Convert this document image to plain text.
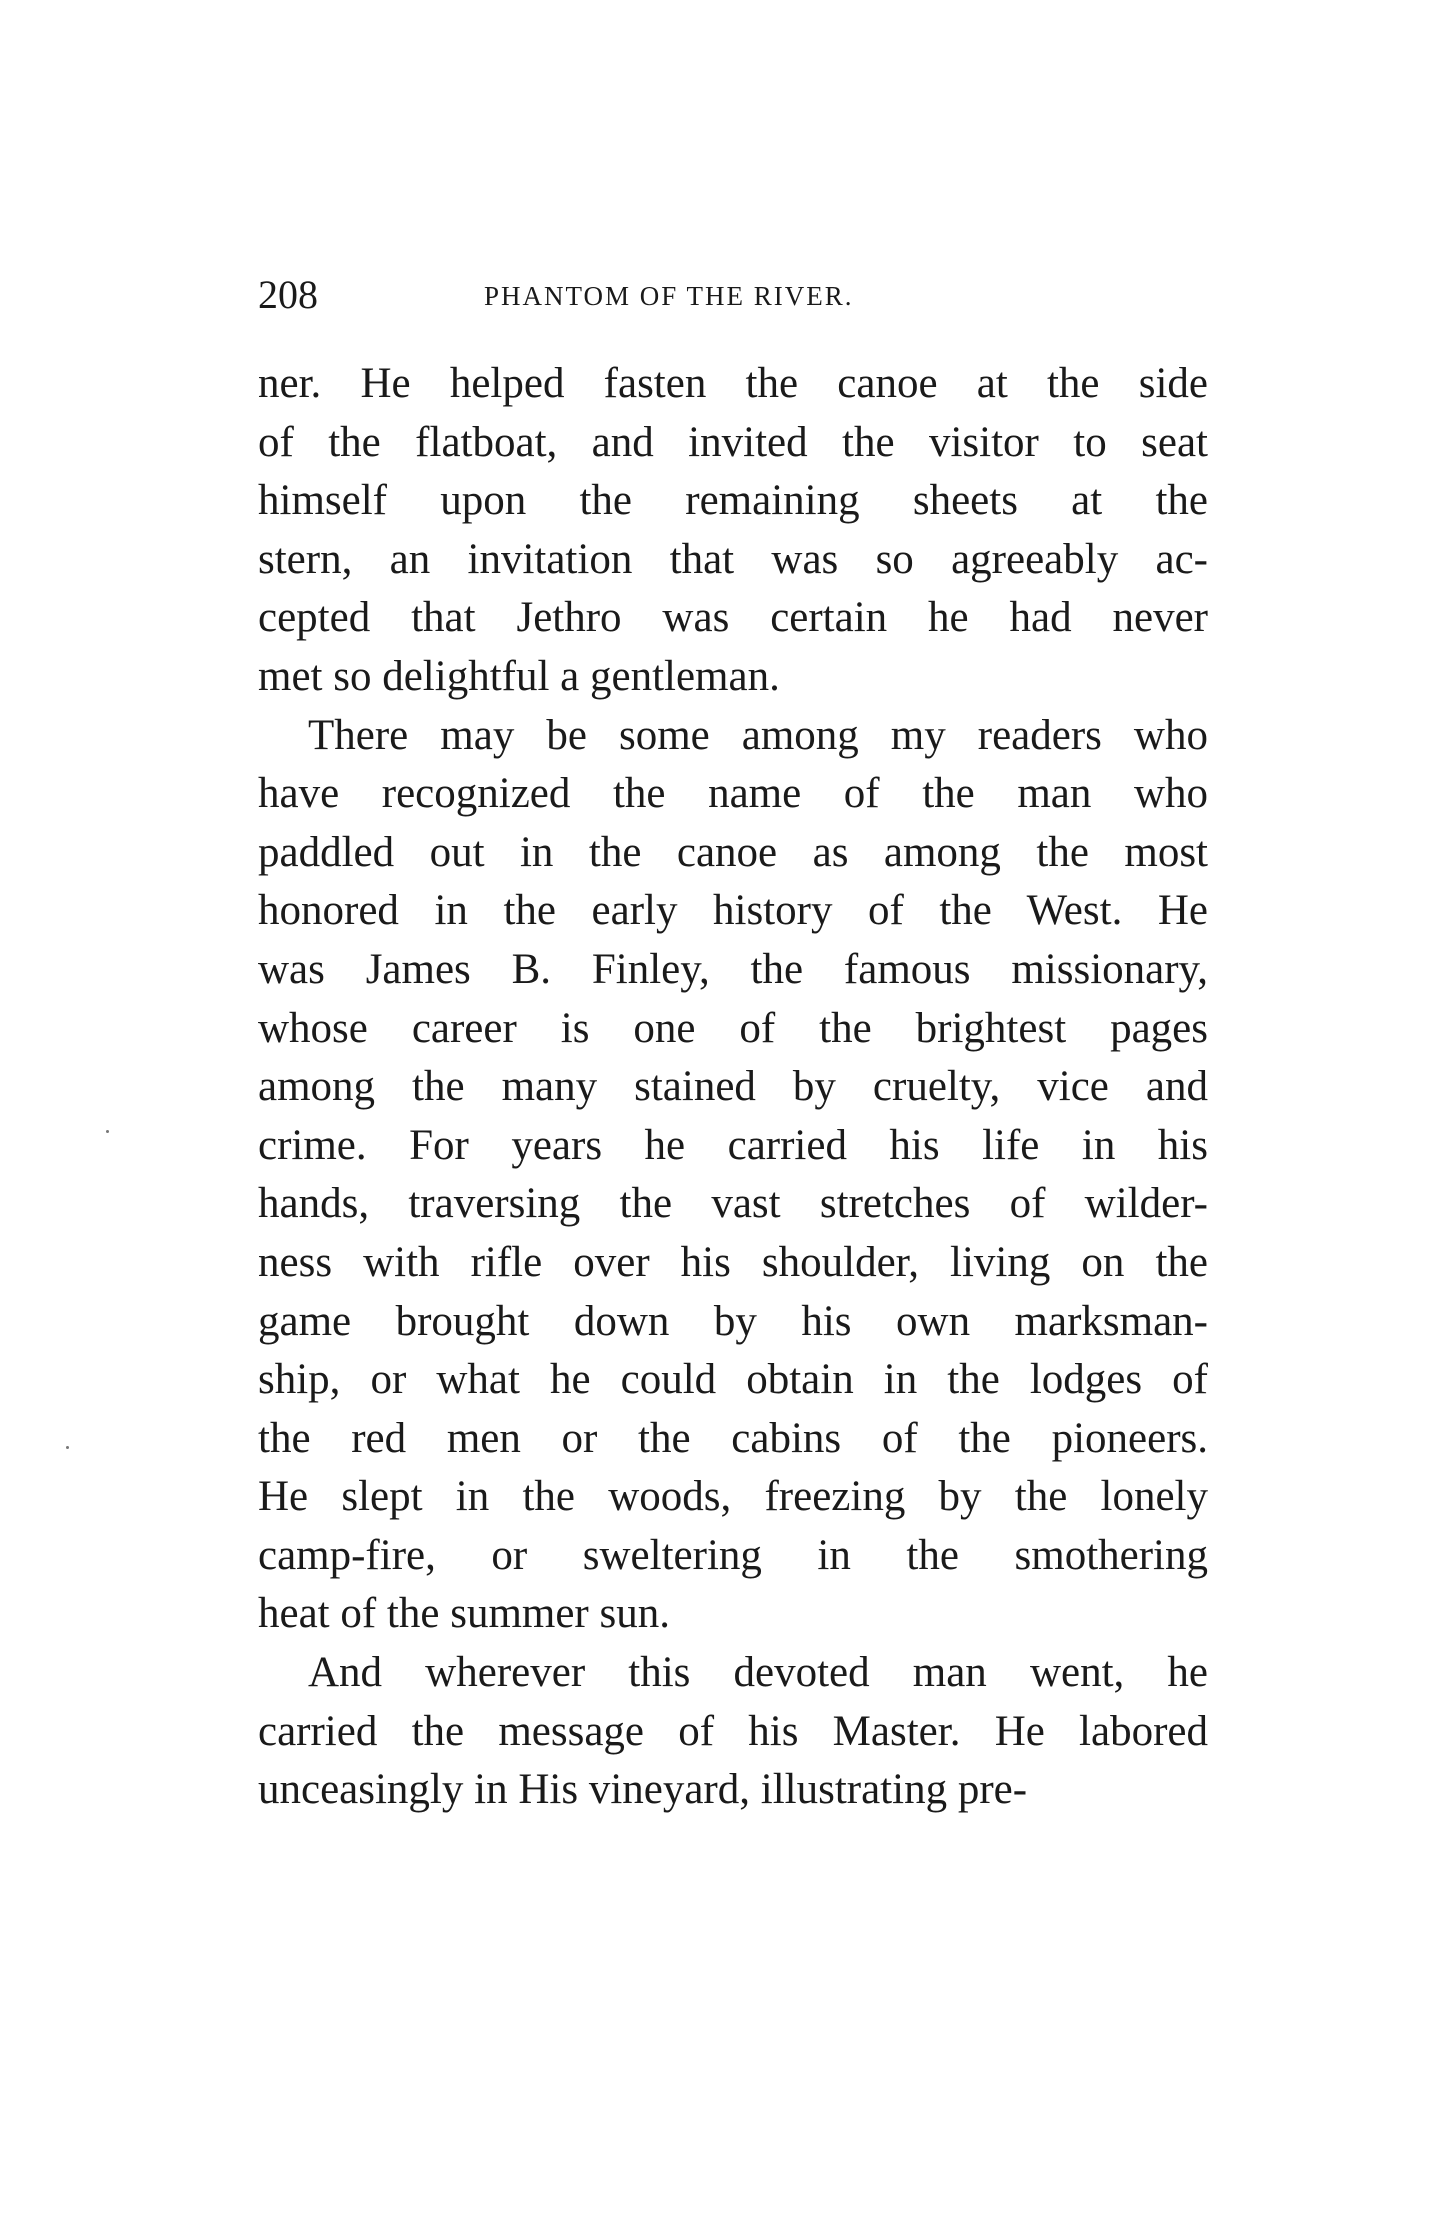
208	PHANTOM OF THE RIVER.
ner. He helped fasten the canoe at the side
of the flatboat, and invited the visitor to seat
himself upon the remaining sheets at the
stern, an invitation that was so agreeably ac-
cepted that Jethro was certain he had never
met so delightful a gentleman.
There may be some among my readers who
have recognized the name of the man who
paddled out in the canoe as among the most
honored in the early history of the West. He
was James B. Finley, the famous missionary,
whose career is one of the brightest pages
among the many stained by cruelty, vice and
crime. For years he carried his life in his
hands, traversing the vast stretches of wilder-
ness with rifle over his shoulder, living on the
game brought down by his own marksman-
ship, or what he could obtain in the lodges of
the red men or the cabins of the pioneers.
He slept in the woods, freezing by the lonely
camp-fire, or sweltering in the smothering
heat of the summer sun.
And wherever this devoted man went, he
carried the message of his Master. He labored
unceasingly in His vineyard, illustrating pre-
